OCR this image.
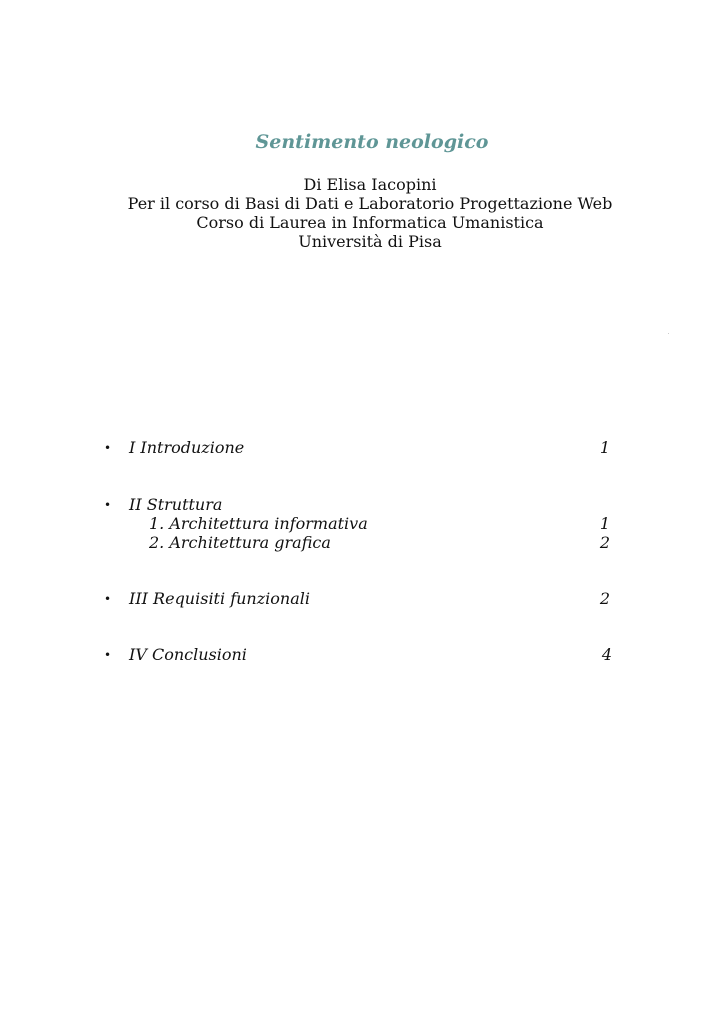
Sentimento neologico
Di Elisa Iacopini
Per il corso di Basi di Dati e Laboratorio Progettazione Web
Corso di Laurea in Informatica Umanistica
Università di Pisa
• I Introduzione	1
• II Struttura
1. Architettura informativa	1
2. Architettura grafica	2
• III Requisiti funzionali	2
• IV Conclusioni	4
